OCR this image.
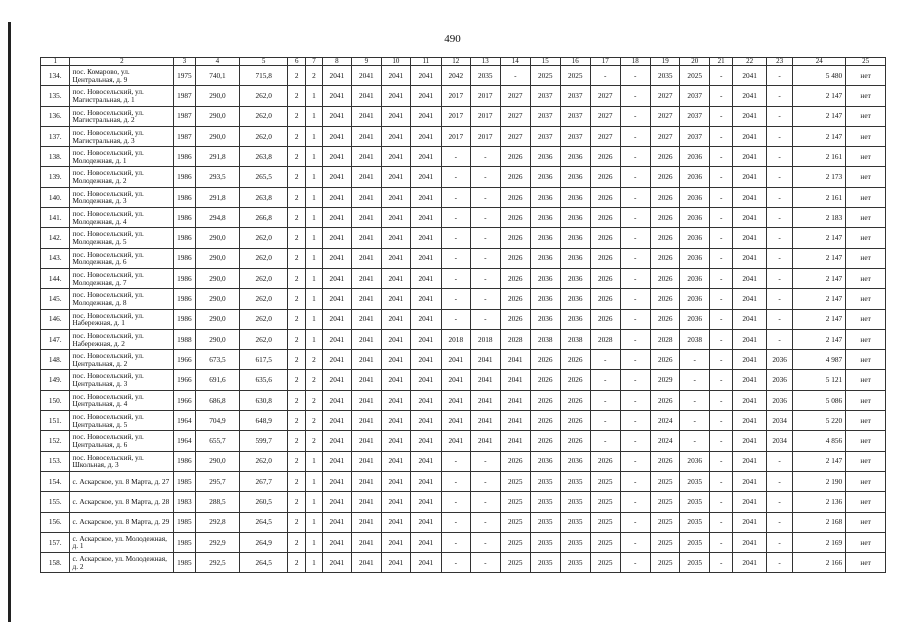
490
1	2	3	4	5	6	7	8	9	10	11	12	13	14	15	16	17	18	19	20	21	22	23	24	25
134.	пос. Комарово, ул. Центральная, д. 9	1975	740,1	715,8	2	2	2041	2041	2041	2041	2042	2035	-	2025	2025	-	-	2035	2025	-	2041	-	5 480	нет
135.	пос. Новосельский, ул. Магистральная, д. 1	1987	290,0	262,0	2	1	2041	2041	2041	2041	2017	2017	2027	2037	2037	2027	-	2027	2037	-	2041	-	2 147	нет
136.	пос. Новосельский, ул. Магистральная, д. 2	1987	290,0	262,0	2	1	2041	2041	2041	2041	2017	2017	2027	2037	2037	2027	-	2027	2037	-	2041	-	2 147	нет
137.	пос. Новосельский, ул. Магистральная, д. 3	1987	290,0	262,0	2	1	2041	2041	2041	2041	2017	2017	2027	2037	2037	2027	-	2027	2037	-	2041	-	2 147	нет
138.	пос. Новосельский, ул. Молодежная, д. 1	1986	291,8	263,8	2	1	2041	2041	2041	2041	-	-	2026	2036	2036	2026	-	2026	2036	-	2041	-	2 161	нет
139.	пос. Новосельский, ул. Молодежная, д. 2	1986	293,5	265,5	2	1	2041	2041	2041	2041	-	-	2026	2036	2036	2026	-	2026	2036	-	2041	-	2 173	нет
140.	пос. Новосельский, ул. Молодежная, д. 3	1986	291,8	263,8	2	1	2041	2041	2041	2041	-	-	2026	2036	2036	2026	-	2026	2036	-	2041	-	2 161	нет
141.	пос. Новосельский, ул. Молодежная, д. 4	1986	294,8	266,8	2	1	2041	2041	2041	2041	-	-	2026	2036	2036	2026	-	2026	2036	-	2041	-	2 183	нет
142.	пос. Новосельский, ул. Молодежная, д. 5	1986	290,0	262,0	2	1	2041	2041	2041	2041	-	-	2026	2036	2036	2026	-	2026	2036	-	2041	-	2 147	нет
143.	пос. Новосельский, ул. Молодежная, д. 6	1986	290,0	262,0	2	1	2041	2041	2041	2041	-	-	2026	2036	2036	2026	-	2026	2036	-	2041	-	2 147	нет
144.	пос. Новосельский, ул. Молодежная, д. 7	1986	290,0	262,0	2	1	2041	2041	2041	2041	-	-	2026	2036	2036	2026	-	2026	2036	-	2041	-	2 147	нет
145.	пос. Новосельский, ул. Молодежная, д. 8	1986	290,0	262,0	2	1	2041	2041	2041	2041	-	-	2026	2036	2036	2026	-	2026	2036	-	2041	-	2 147	нет
146.	пос. Новосельский, ул. Набережная, д. 1	1986	290,0	262,0	2	1	2041	2041	2041	2041	-	-	2026	2036	2036	2026	-	2026	2036	-	2041	-	2 147	нет
147.	пос. Новосельский, ул. Набережная, д. 2	1988	290,0	262,0	2	1	2041	2041	2041	2041	2018	2018	2028	2038	2038	2028	-	2028	2038	-	2041	-	2 147	нет
148.	пос. Новосельский, ул. Центральная, д. 2	1966	673,5	617,5	2	2	2041	2041	2041	2041	2041	2041	2041	2026	2026	-	-	2026	-	-	2041	2036	4 987	нет
149.	пос. Новосельский, ул. Центральная, д. 3	1966	691,6	635,6	2	2	2041	2041	2041	2041	2041	2041	2041	2026	2026	-	-	2029	-	-	2041	2036	5 121	нет
150.	пос. Новосельский, ул. Центральная, д. 4	1966	686,8	630,8	2	2	2041	2041	2041	2041	2041	2041	2041	2026	2026	-	-	2026	-	-	2041	2036	5 086	нет
151.	пос. Новосельский, ул. Центральная, д. 5	1964	704,9	648,9	2	2	2041	2041	2041	2041	2041	2041	2041	2026	2026	-	-	2024	-	-	2041	2034	5 220	нет
152.	пос. Новосельский, ул. Центральная, д. 6	1964	655,7	599,7	2	2	2041	2041	2041	2041	2041	2041	2041	2026	2026	-	-	2024	-	-	2041	2034	4 856	нет
153.	пос. Новосельский, ул. Школьная, д. 3	1986	290,0	262,0	2	1	2041	2041	2041	2041	-	-	2026	2036	2036	2026	-	2026	2036	-	2041	-	2 147	нет
154.	с. Аскарское, ул. 8 Марта, д. 27	1985	295,7	267,7	2	1	2041	2041	2041	2041	-	-	2025	2035	2035	2025	-	2025	2035	-	2041	-	2 190	нет
155.	с. Аскарское, ул. 8 Марта, д. 28	1983	288,5	260,5	2	1	2041	2041	2041	2041	-	-	2025	2035	2035	2025	-	2025	2035	-	2041	-	2 136	нет
156.	с. Аскарское, ул. 8 Марта, д. 29	1985	292,8	264,5	2	1	2041	2041	2041	2041	-	-	2025	2035	2035	2025	-	2025	2035	-	2041	-	2 168	нет
157.	с. Аскарское, ул. Молодежная, д. 1	1985	292,9	264,9	2	1	2041	2041	2041	2041	-	-	2025	2035	2035	2025	-	2025	2035	-	2041	-	2 169	нет
158.	с. Аскарское, ул. Молодежная, д. 2	1985	292,5	264,5	2	1	2041	2041	2041	2041	-	-	2025	2035	2035	2025	-	2025	2035	-	2041	-	2 166	нет
